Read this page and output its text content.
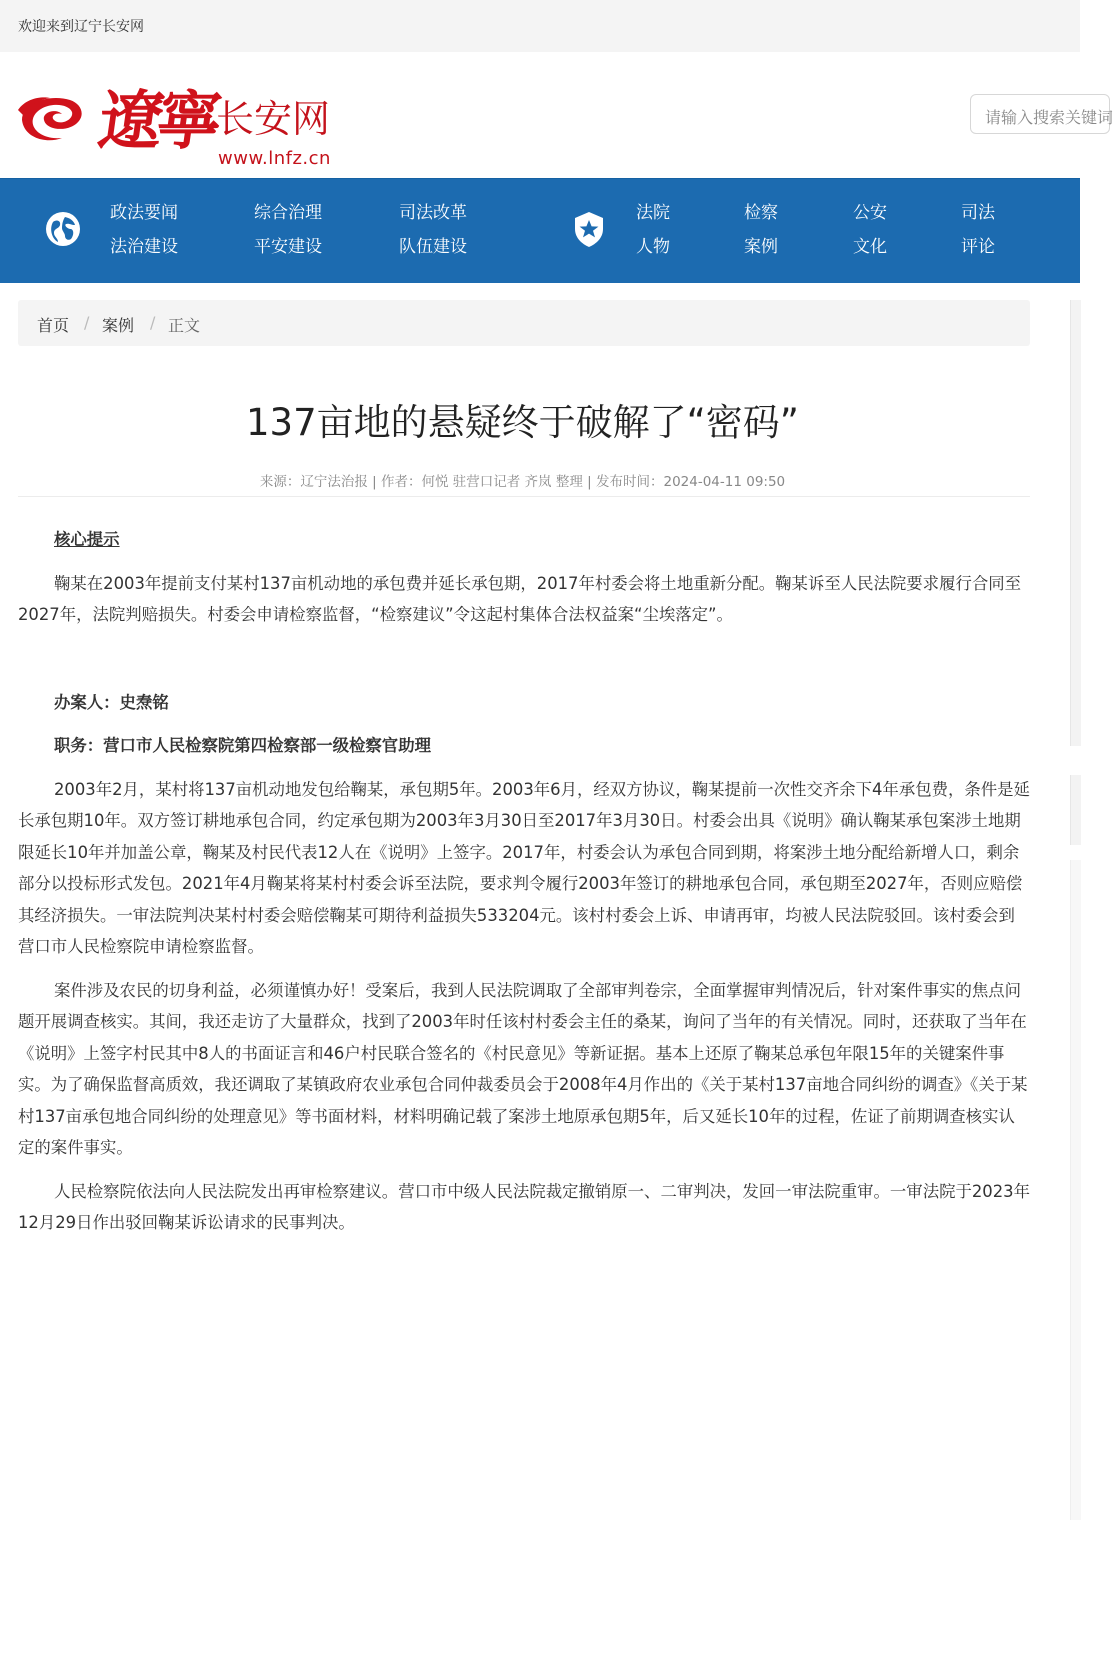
欢迎来到辽宁长安网
遼寧
长安网
www.lnfz.cn
请输入搜索关键词
政法要闻
法治建设
综合治理
平安建设
司法改革
队伍建设
法院
人物
检察
案例
公安
文化
司法
评论
首页 / 案例 / 正文
137亩地的悬疑终于破解了“密码”
来源：辽宁法治报 | 作者：何悦 驻营口记者 齐岚 整理 | 发布时间：2024-04-11 09:50

核心提示

鞠某在2003年提前支付某村137亩机动地的承包费并延长承包期，2017年村委会将土地重新分配。鞠某诉至人民法院要求履行合同至2027年，法院判赔损失。村委会申请检察监督，“检察建议”令这起村集体合法权益案“尘埃落定”。

办案人：史焘铭

职务：营口市人民检察院第四检察部一级检察官助理

2003年2月，某村将137亩机动地发包给鞠某，承包期5年。2003年6月，经双方协议，鞠某提前一次性交齐余下4年承包费，条件是延长承包期10年。双方签订耕地承包合同，约定承包期为2003年3月30日至2017年3月30日。村委会出具《说明》确认鞠某承包案涉土地期限延长10年并加盖公章，鞠某及村民代表12人在《说明》上签字。2017年，村委会认为承包合同到期，将案涉土地分配给新增人口，剩余部分以投标形式发包。2021年4月鞠某将某村村委会诉至法院，要求判令履行2003年签订的耕地承包合同，承包期至2027年，否则应赔偿其经济损失。一审法院判决某村村委会赔偿鞠某可期待利益损失533204元。该村村委会上诉、申请再审，均被人民法院驳回。该村委会到营口市人民检察院申请检察监督。

案件涉及农民的切身利益，必须谨慎办好！受案后，我到人民法院调取了全部审判卷宗，全面掌握审判情况后，针对案件事实的焦点问题开展调查核实。其间，我还走访了大量群众，找到了2003年时任该村村委会主任的桑某，询问了当年的有关情况。同时，还获取了当年在《说明》上签字村民其中8人的书面证言和46户村民联合签名的《村民意见》等新证据。基本上还原了鞠某总承包年限15年的关键案件事实。为了确保监督高质效，我还调取了某镇政府农业承包合同仲裁委员会于2008年4月作出的《关于某村137亩地合同纠纷的调查》《关于某村137亩承包地合同纠纷的处理意见》等书面材料，材料明确记载了案涉土地原承包期5年，后又延长10年的过程，佐证了前期调查核实认定的案件事实。

人民检察院依法向人民法院发出再审检察建议。营口市中级人民法院裁定撤销原一、二审判决，发回一审法院重审。一审法院于2023年12月29日作出驳回鞠某诉讼请求的民事判决。
